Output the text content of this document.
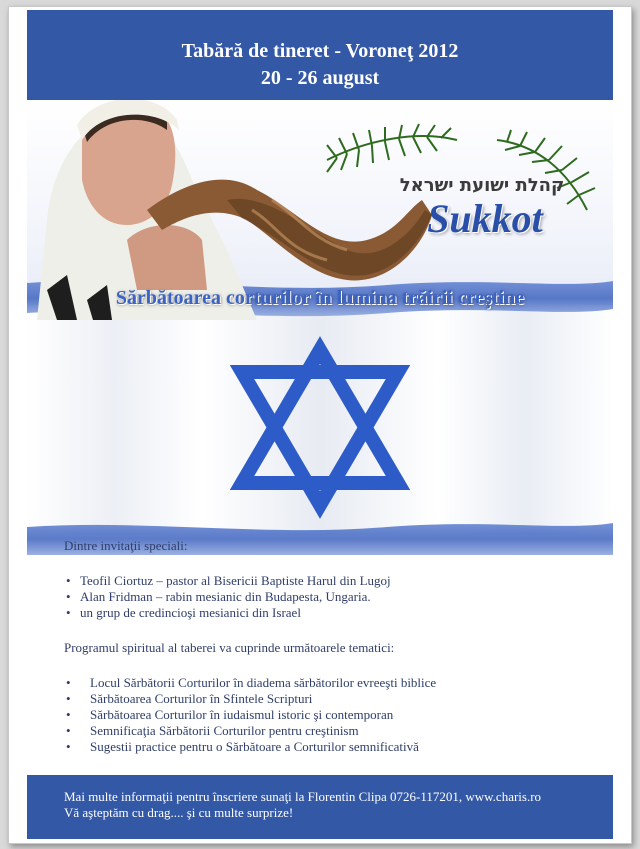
Tabără de tineret - Voroneţ 2012
20 - 26 august
קהלת ישועת ישראל
Sukkot
Sărbătoarea corturilor în lumina trăirii creştine

Dintre invitaţii speciali:

• Teofil Ciortuz – pastor al Bisericii Baptiste Harul din Lugoj
• Alan Fridman – rabin mesianic din Budapesta, Ungaria.
• un grup de credincioşi mesianici din Israel

Programul spiritual al taberei va cuprinde următoarele tematici:

• Locul Sărbătorii Corturilor în diadema sărbătorilor evreeşti biblice
• Sărbătoarea Corturilor în Sfintele Scripturi
• Sărbătoarea Corturilor în iudaismul istoric şi contemporan
• Semnificaţia Sărbătorii Corturilor pentru creştinism
• Sugestii practice pentru o Sărbătoare a Corturilor semnificativă
Mai multe informaţii pentru înscriere sunaţi la Florentin Clipa 0726-117201, www.charis.ro
Vă aşteptăm cu drag.... şi cu multe surprize!
